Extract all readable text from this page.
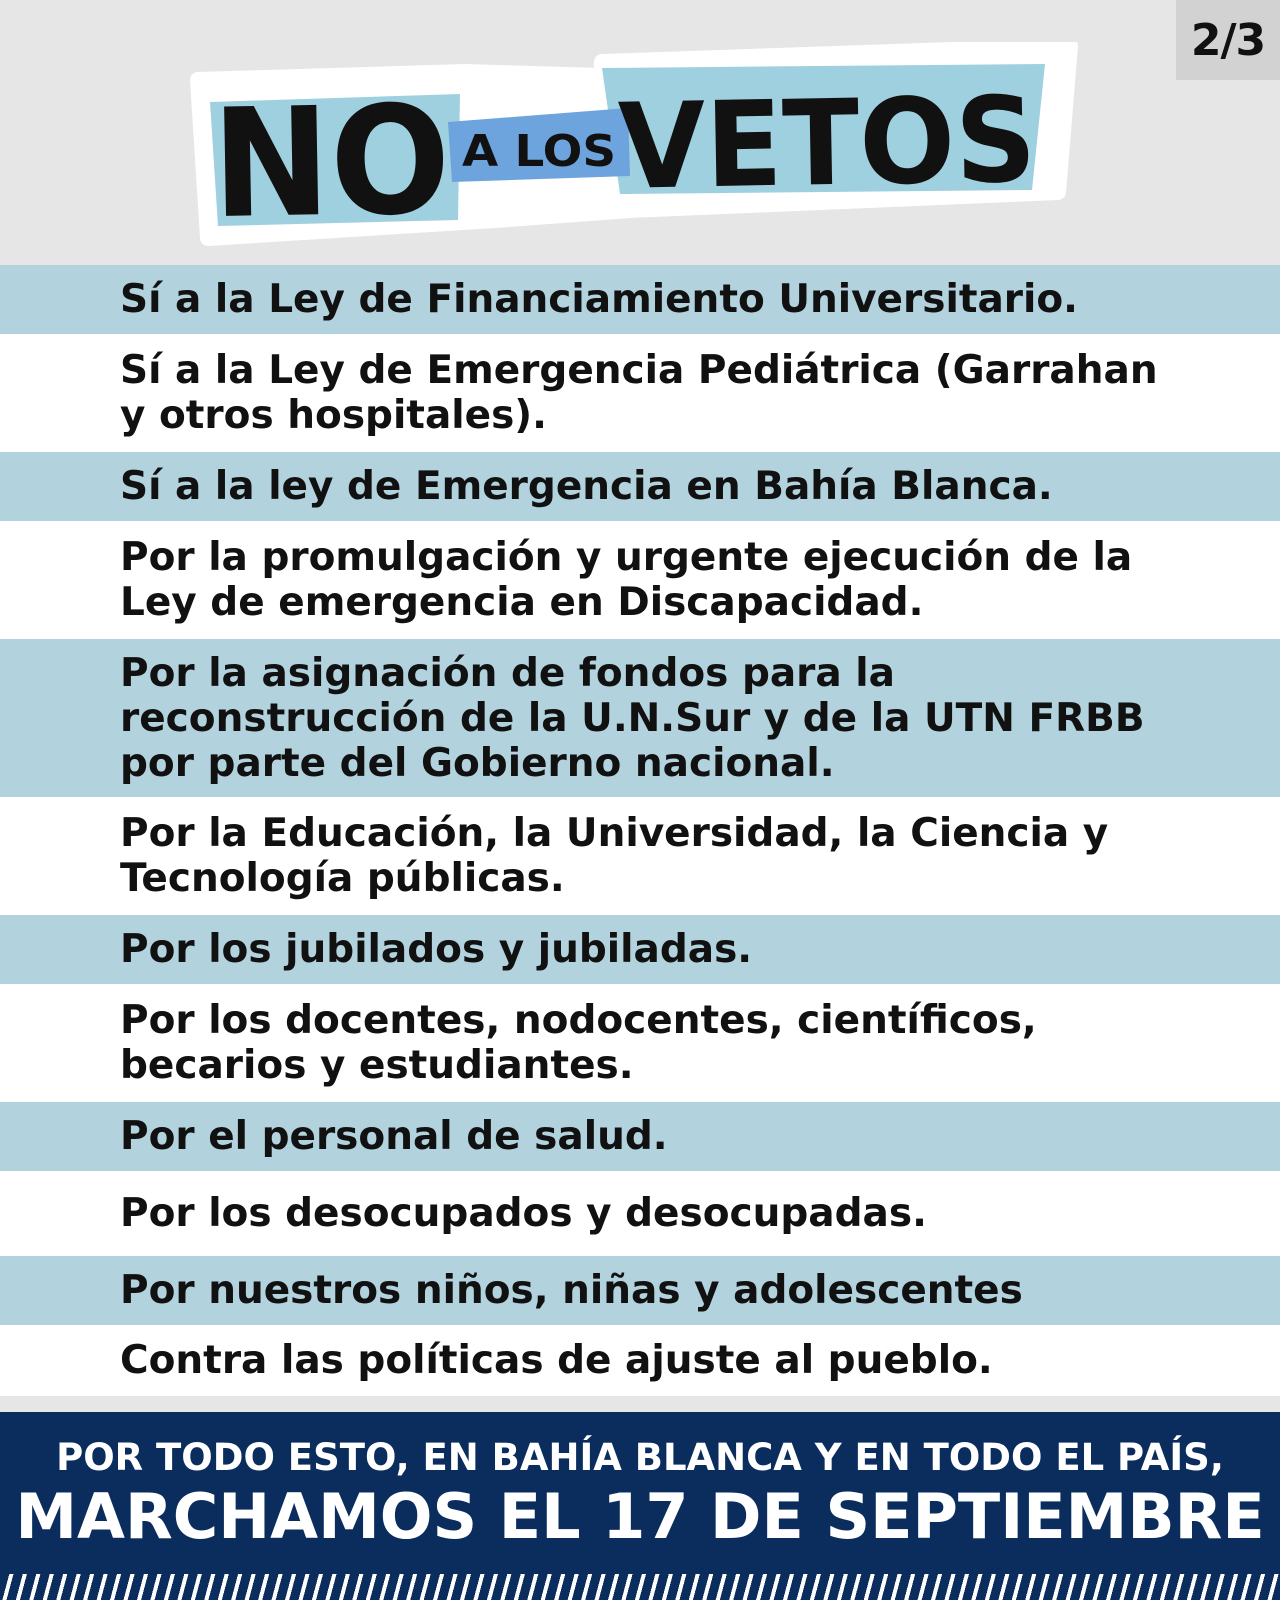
2/3
NO
A LOS VETOS
Sí a la Ley de Financiamiento Universitario.
Sí a la Ley de Emergencia Pediátrica (Garrahan y otros hospitales).
Sí a la ley de Emergencia en Bahía Blanca.
Por la promulgación y urgente ejecución de la Ley de emergencia en Discapacidad.
Por la asignación de fondos para la reconstrucción de la U.N.Sur y de la UTN FRBB por parte del Gobierno nacional.
Por la Educación, la Universidad, la Ciencia y Tecnología públicas.
Por los jubilados y jubiladas.
Por los docentes, nodocentes, científicos, becarios y estudiantes.
Por el personal de salud.
Por los desocupados y desocupadas.
Por nuestros niños, niñas y adolescentes
Contra las políticas de ajuste al pueblo.
POR TODO ESTO, EN BAHÍA BLANCA Y EN TODO EL PAÍS,
MARCHAMOS EL 17 DE SEPTIEMBRE
